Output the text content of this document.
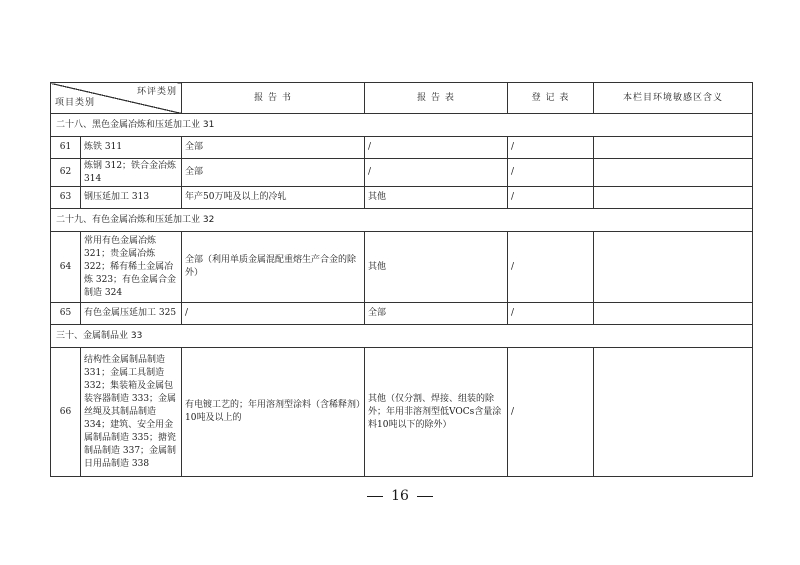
环评类别
项目类别		报 告 书	报 告 表	登 记 表	本栏目环境敏感区含义
二十八、黑色金属冶炼和压延加工业 31					
61	炼铁 311	全部	/	/	
62	炼钢 312；铁合金冶炼 314	全部	/	/	
63	钢压延加工 313	年产50万吨及以上的冷轧	其他	/	
二十九、有色金属冶炼和压延加工业 32					
64	常用有色金属冶炼 321；贵金属冶炼 322；稀有稀土金属冶炼 323；有色金属合金制造 324	全部（利用单质金属混配重熔生产合金的除外）	其他	/	
65	有色金属压延加工 325	/	全部	/	
三十、金属制品业 33					
66	结构性金属制品制造 331；金属工具制造 332；集装箱及金属包装容器制造 333；金属丝绳及其制品制造 334；建筑、安全用金属制品制造 335；搪瓷制品制造 337；金属制日用品制造 338	有电镀工艺的；年用溶剂型涂料（含稀释剂）10吨及以上的	其他（仅分割、焊接、组装的除外；年用非溶剂型低VOCs含量涂料10吨以下的除外）	/	
16
